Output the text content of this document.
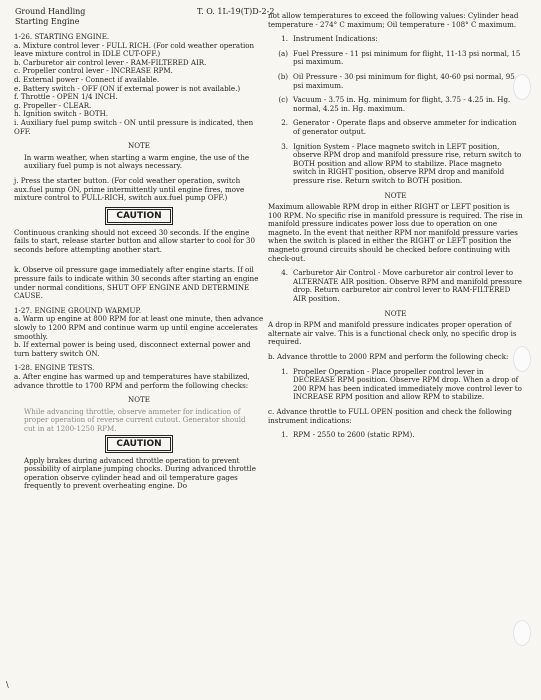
Ground Handling
Starting Engine
T. O. 1L-19(T)D-2-2

1-26. STARTING ENGINE.

a. Mixture control lever - FULL RICH. (For cold weather operation leave mixture control in IDLE CUT-OFF.)

b. Carburetor air control lever - RAM-FILTERED AIR.

c. Propeller control lever - INCREASE RPM.

d. External power - Connect if available.

e. Battery switch - OFF (ON if external power is not available.)

f. Throttle - OPEN 1/4 INCH.

g. Propeller - CLEAR.

h. Ignition switch - BOTH.

i. Auxiliary fuel pump switch - ON until pressure is indicated, then OFF.

NOTE

In warm weather, when starting a warm engine, the use of the auxiliary fuel pump is not always necessary.

j. Press the starter button. (For cold weather operation, switch aux.fuel pump ON, prime intermittently until engine fires, move mixture control to FULL-RICH, switch aux.fuel pump OFF.)

CAUTION

Continuous cranking should not exceed 30 seconds. If the engine fails to start, release starter button and allow starter to cool for 30 seconds before attempting another start.

k. Observe oil pressure gage immediately after engine starts. If oil pressure fails to indicate within 30 seconds after starting an engine under normal conditions, SHUT OFF ENGINE AND DETERMINE CAUSE.

1-27. ENGINE GROUND WARMUP.

a. Warm up engine at 800 RPM for at least one minute, then advance slowly to 1200 RPM and continue warm up until engine accelerates smoothly.

b. If external power is being used, disconnect external power and turn battery switch ON.

1-28. ENGINE TESTS.

a. After engine has warmed up and temperatures have stabilized, advance throttle to 1700 RPM and perform the following checks:

NOTE

While advancing throttle, observe ammeter for indication of proper operation of reverse current cutout. Generator should cut in at 1200-1250 RPM.

CAUTION

Apply brakes during advanced throttle operation to prevent possibility of airplane jumping chocks. During advanced throttle operation observe cylinder head and oil temperature gages frequently to prevent overheating engine. Do

\

not allow temperatures to exceed the following values: Cylinder head temperature - 274° C maximum; Oil temperature - 108° C maximum.

1. Instrument Indications:
(a) Fuel Pressure - 11 psi minimum for flight, 11-13 psi normal, 15 psi maximum.
(b) Oil Pressure - 30 psi minimum for flight, 40-60 psi normal, 95 psi maximum.
(c) Vacuum - 3.75 in. Hg. minimum for flight, 3.75 - 4.25 in. Hg. normal, 4.25 in. Hg. maximum.
2. Generator - Operate flaps and observe ammeter for indication of generator output.
3. Ignition System - Place magneto switch in LEFT position, observe RPM drop and manifold pressure rise, return switch to BOTH position and allow RPM to stabilize. Place magneto switch in RIGHT position, observe RPM drop and manifold pressure rise. Return switch to BOTH position.

NOTE

Maximum allowable RPM drop in either RIGHT or LEFT position is 100 RPM. No specific rise in manifold pressure is required. The rise in manifold pressure indicates power loss due to operation on one magneto. In the event that neither RPM nor manifold pressure varies when the switch is placed in either the RIGHT or LEFT position the magneto ground circuits should be checked before continuing with check-out.

4. Carburetor Air Control - Move carburetor air control lever to ALTERNATE AIR position. Observe RPM and manifold pressure drop. Return carburetor air control lever to RAM-FILTERED AIR position.

NOTE

A drop in RPM and manifold pressure indicates proper operation of alternate air valve. This is a functional check only, no specific drop is required.

b. Advance throttle to 2000 RPM and perform the following check:

1. Propeller Operation - Place propeller control lever in DECREASE RPM position. Observe RPM drop. When a drop of 200 RPM has been indicated immediately move control lever to INCREASE RPM position and allow RPM to stabilize.

c. Advance throttle to FULL OPEN position and check the following instrument indications:

1. RPM - 2550 to 2600 (static RPM).
